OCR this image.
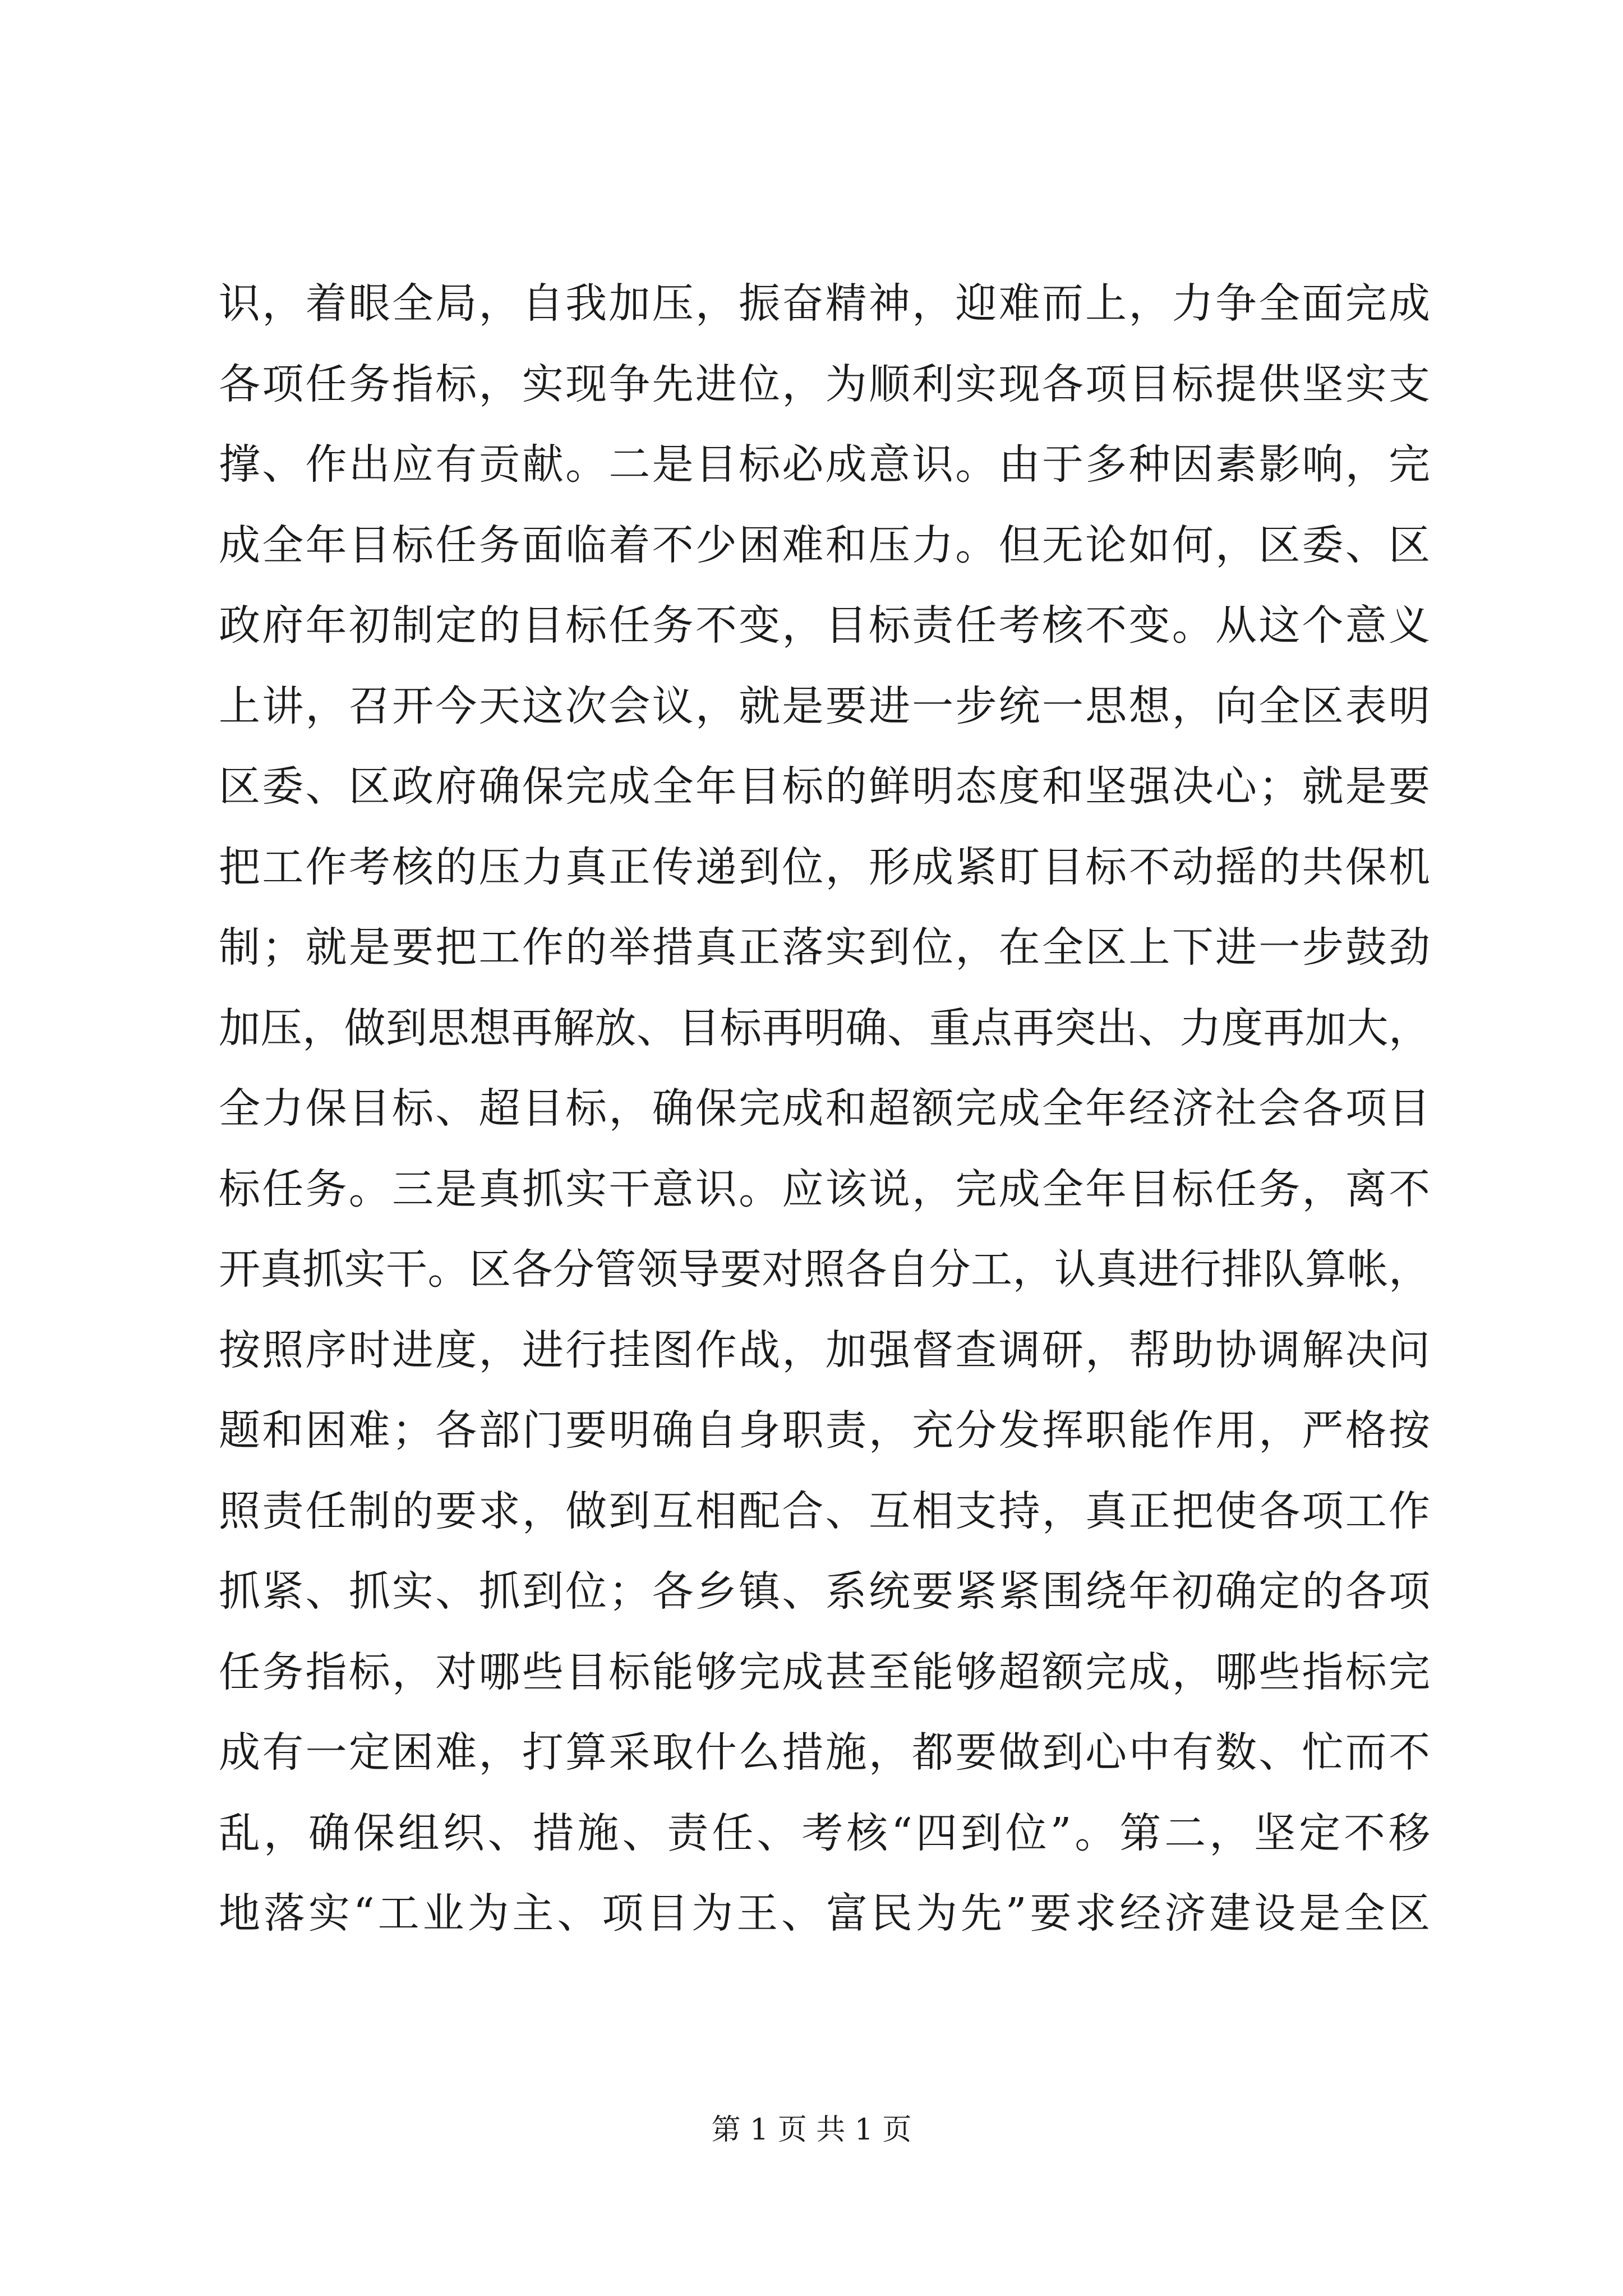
识，着眼全局，自我加压，振奋精神，迎难而上，力争全面完成
各项任务指标，实现争先进位，为顺利实现各项目标提供坚实支
撑、作出应有贡献。二是目标必成意识。由于多种因素影响，完
成全年目标任务面临着不少困难和压力。但无论如何，区委、区
政府年初制定的目标任务不变，目标责任考核不变。从这个意义
上讲，召开今天这次会议，就是要进一步统一思想，向全区表明
区委、区政府确保完成全年目标的鲜明态度和坚强决心；就是要
把工作考核的压力真正传递到位，形成紧盯目标不动摇的共保机
制；就是要把工作的举措真正落实到位，在全区上下进一步鼓劲
加压，做到思想再解放、目标再明确、重点再突出、力度再加大，
全力保目标、超目标，确保完成和超额完成全年经济社会各项目
标任务。三是真抓实干意识。应该说，完成全年目标任务，离不
开真抓实干。区各分管领导要对照各自分工，认真进行排队算帐，
按照序时进度，进行挂图作战，加强督查调研，帮助协调解决问
题和困难；各部门要明确自身职责，充分发挥职能作用，严格按
照责任制的要求，做到互相配合、互相支持，真正把使各项工作
抓紧、抓实、抓到位；各乡镇、系统要紧紧围绕年初确定的各项
任务指标，对哪些目标能够完成甚至能够超额完成，哪些指标完
成有一定困难，打算采取什么措施，都要做到心中有数、忙而不
乱，确保组织、措施、责任、考核“四到位”。第二，坚定不移
地落实“工业为主、项目为王、富民为先”要求经济建设是全区
第 1 页 共 1 页
